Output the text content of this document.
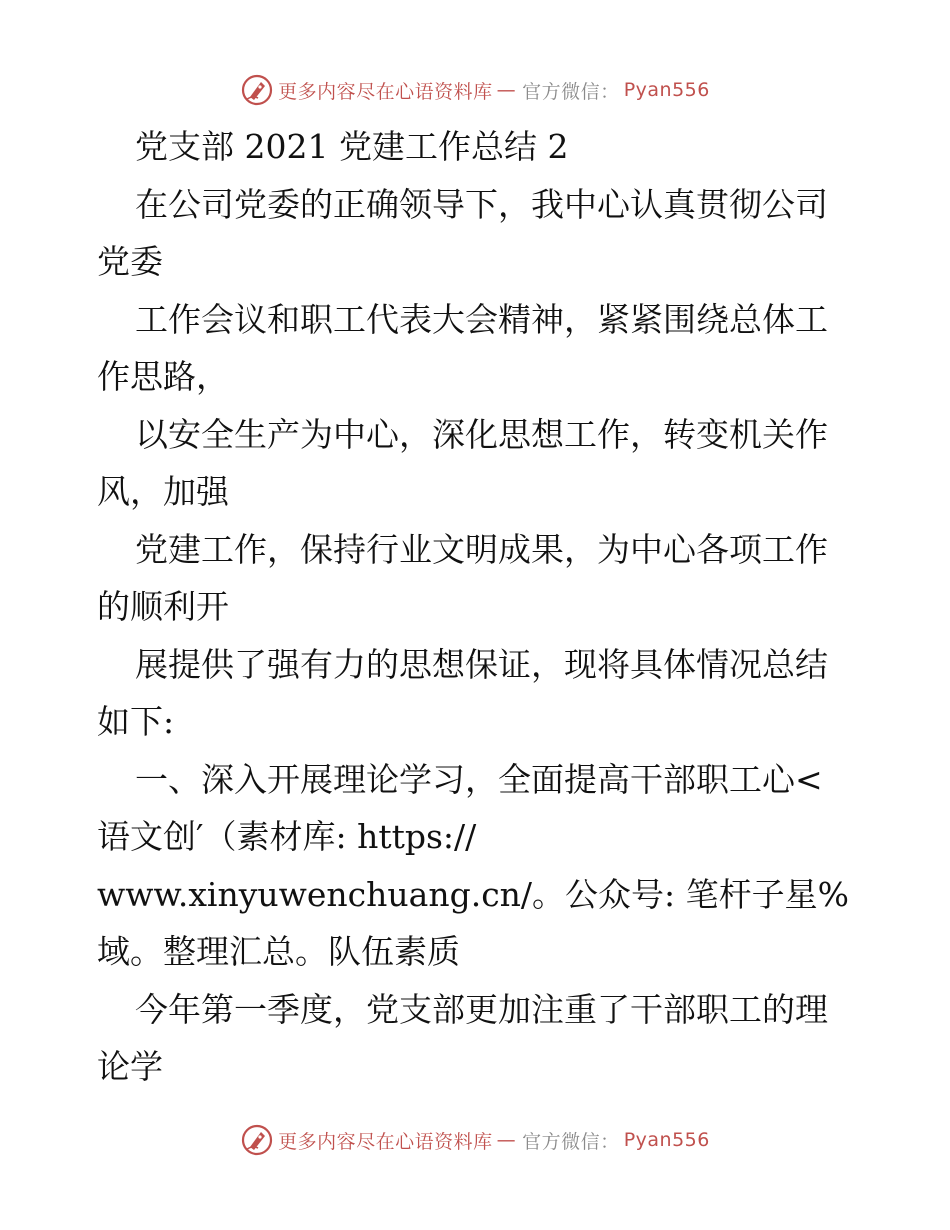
更多内容尽在心语资料库 — 官方微信： Pyan556
党支部 2021 党建工作总结 2
在公司党委的正确领导下，我中心认真贯彻公司
党委
工作会议和职工代表大会精神，紧紧围绕总体工
作思路，
以安全生产为中心，深化思想工作，转变机关作
风，加强
党建工作，保持行业文明成果，为中心各项工作
的顺利开
展提供了强有力的思想保证，现将具体情况总结
如下:
一、深入开展理论学习，全面提高干部职工心<
语文创′（素材库: https://
www.xinyuwenchuang.cn/。公众号: 笔杆子星%
域。整理汇总。队伍素质
今年第一季度，党支部更加注重了干部职工的理
论学
更多内容尽在心语资料库 — 官方微信： Pyan556
